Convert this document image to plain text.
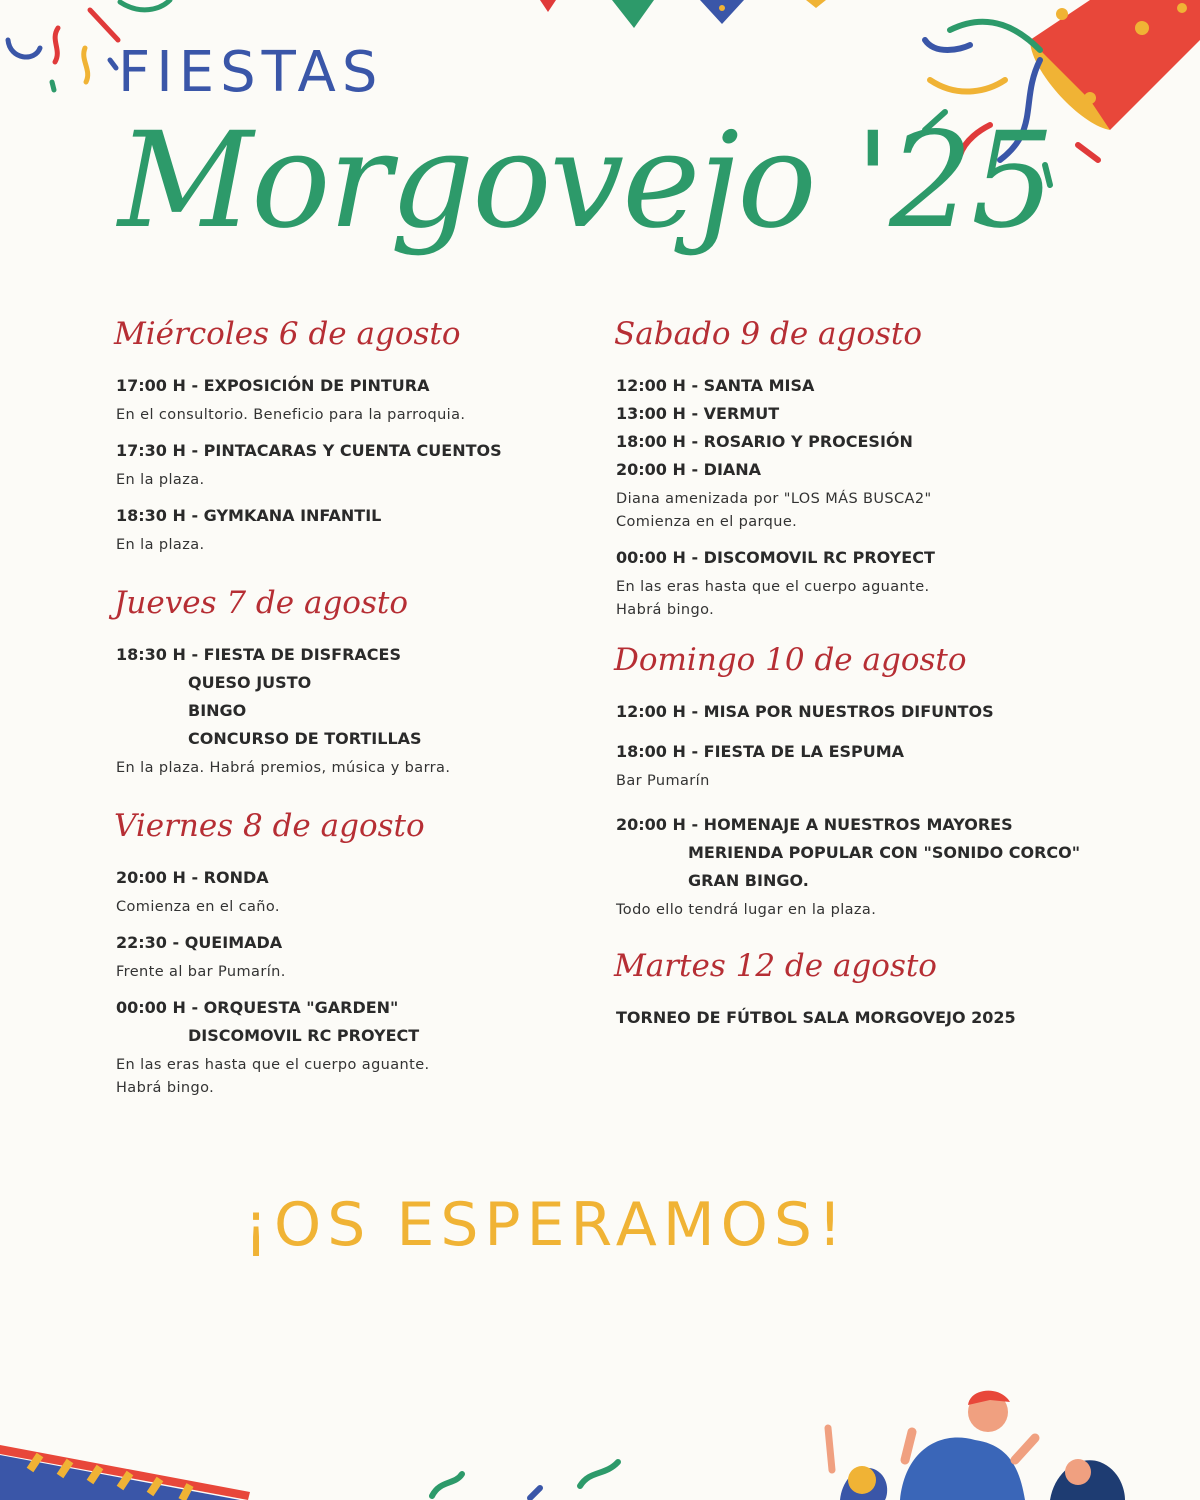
FIESTAS
Morgovejo '25
Miércoles 6 de agosto
17:00 H - EXPOSICIÓN DE PINTURA
En el consultorio. Beneficio para la parroquia.
17:30 H - PINTACARAS Y CUENTA CUENTOS
En la plaza.
18:30 H - GYMKANA INFANTIL
En la plaza.
Jueves 7 de agosto
18:30 H - FIESTA DE DISFRACES
QUESO JUSTO
BINGO
CONCURSO DE TORTILLAS
En la plaza. Habrá premios, música y barra.
Viernes 8 de agosto
20:00 H - RONDA
Comienza en el caño.
22:30 - QUEIMADA
Frente al bar Pumarín.
00:00 H - ORQUESTA "GARDEN"
DISCOMOVIL RC PROYECT
En las eras hasta que el cuerpo aguante.
Habrá bingo.
Sabado 9 de agosto
12:00 H - SANTA MISA
13:00 H - VERMUT
18:00 H - ROSARIO Y PROCESIÓN
20:00 H - DIANA
Diana amenizada por "LOS MÁS BUSCA2"
Comienza en el parque.
00:00 H - DISCOMOVIL RC PROYECT
En las eras hasta que el cuerpo aguante.
Habrá bingo.
Domingo 10 de agosto
12:00 H - MISA POR NUESTROS DIFUNTOS
18:00 H - FIESTA DE LA ESPUMA
Bar Pumarín
20:00 H - HOMENAJE A NUESTROS MAYORES
MERIENDA POPULAR CON "SONIDO CORCO"
GRAN BINGO.
Todo ello tendrá lugar en la plaza.
Martes 12 de agosto
TORNEO DE FÚTBOL SALA MORGOVEJO 2025
¡OS ESPERAMOS!
